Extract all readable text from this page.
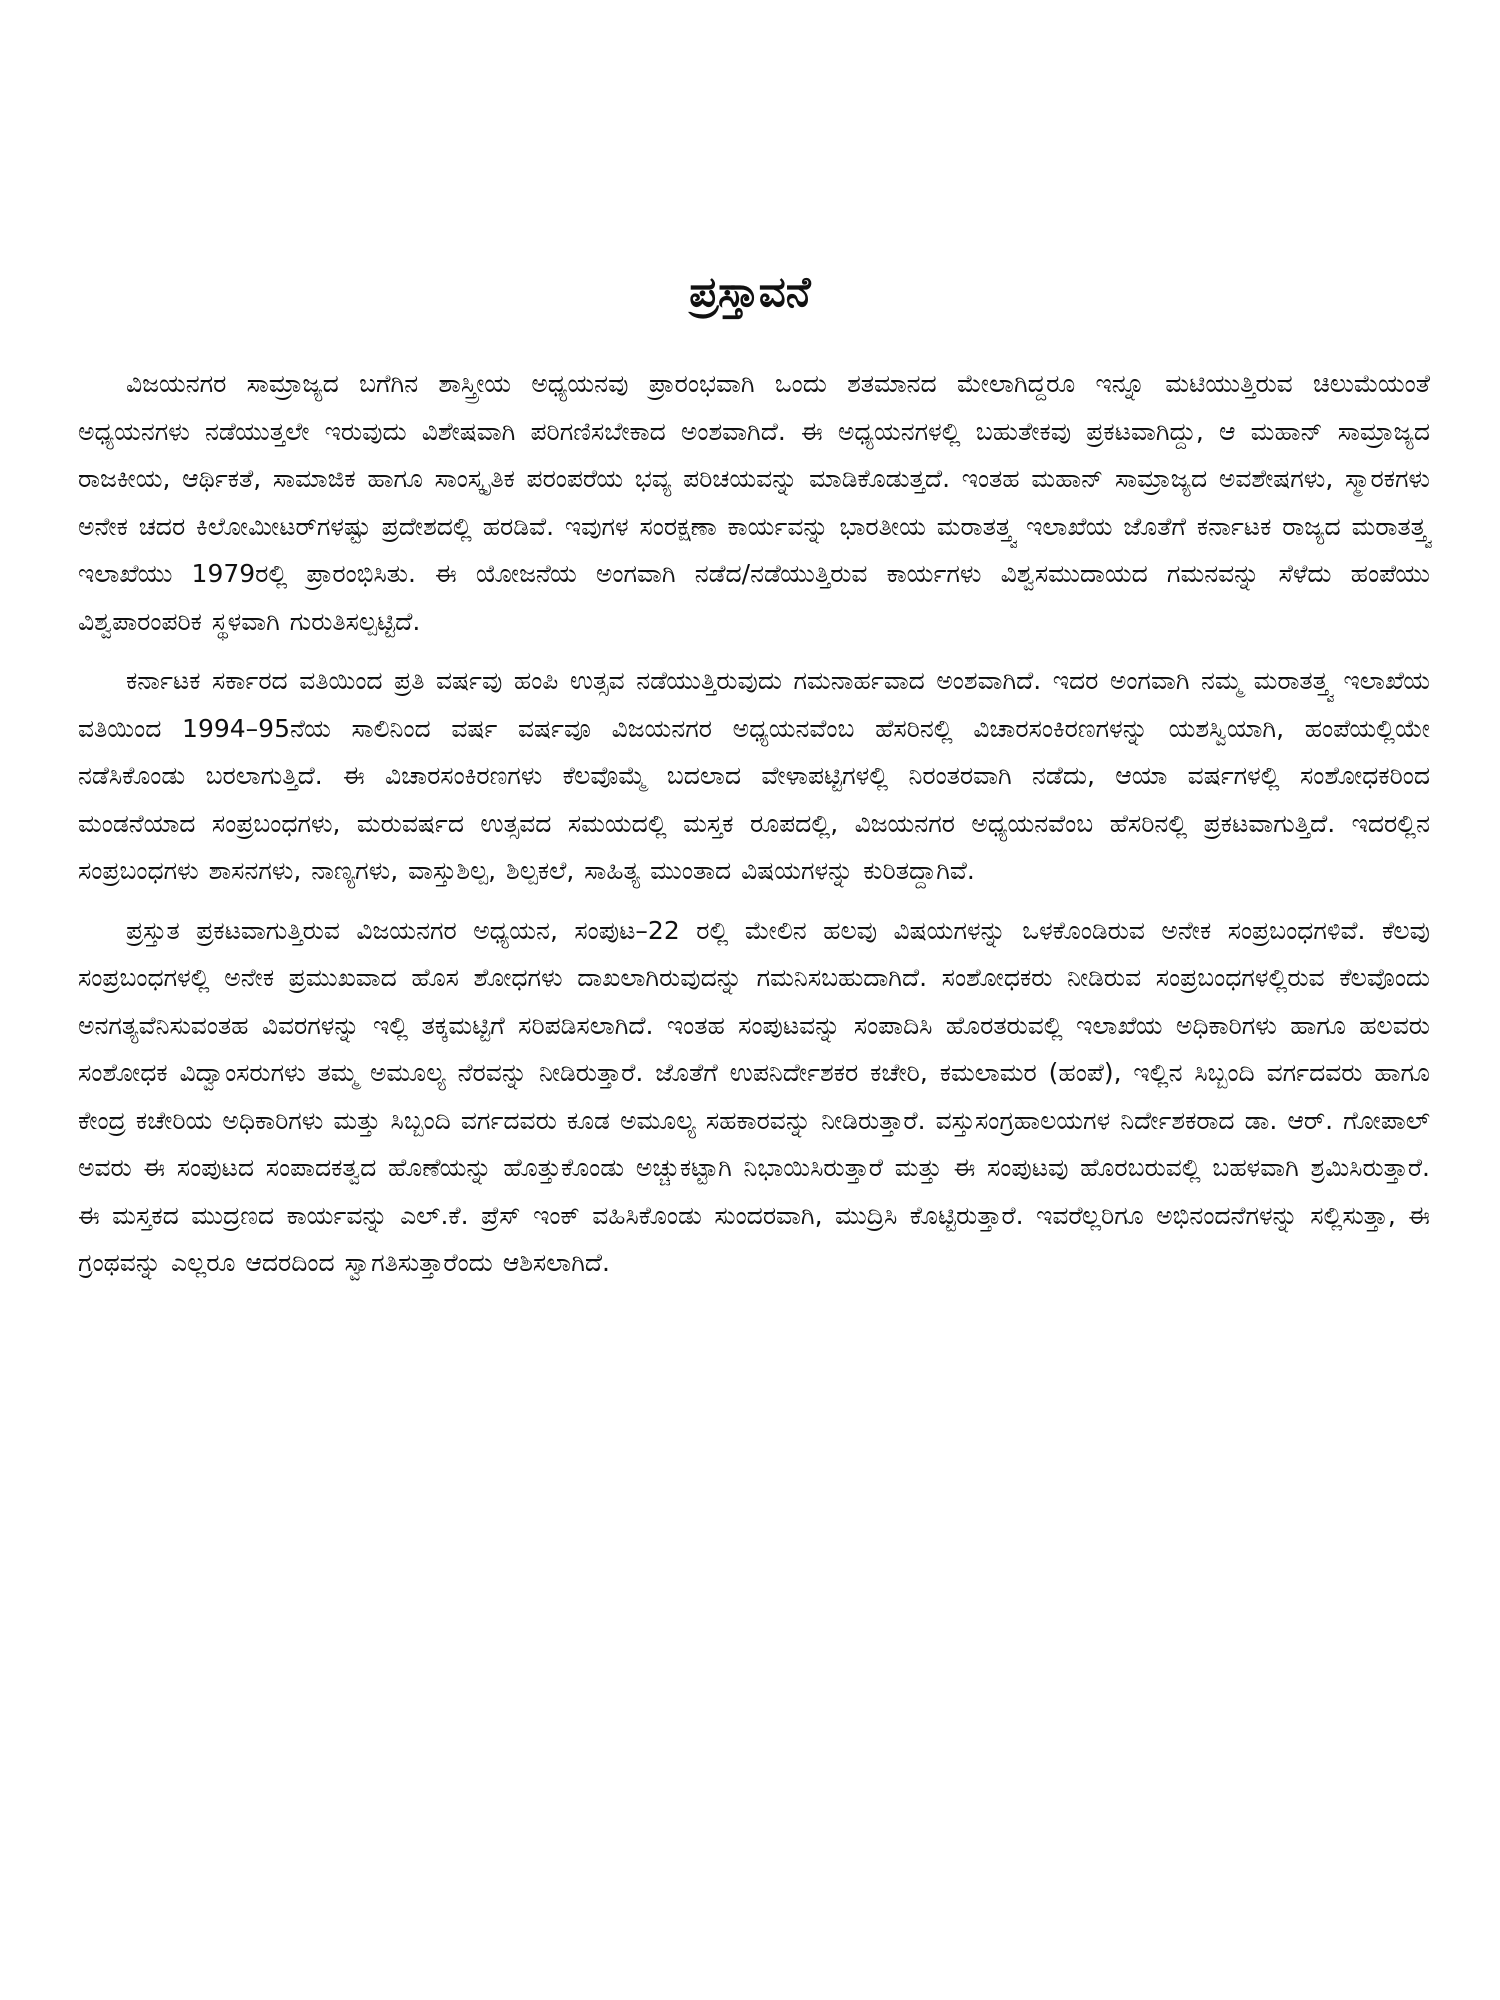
ಪ್ರಸ್ತಾವನೆ

ವಿಜಯನಗರ ಸಾಮ್ರಾಜ್ಯದ ಬಗೆಗಿನ ಶಾಸ್ತ್ರೀಯ ಅಧ್ಯಯನವು ಪ್ರಾರಂಭವಾಗಿ ಒಂದು ಶತಮಾನದ ಮೇಲಾಗಿದ್ದರೂ ಇನ್ನೂ ಮಟಿಯುತ್ತಿರುವ ಚಿಲುಮೆಯಂತೆ ಅಧ್ಯಯನಗಳು ನಡೆಯುತ್ತಲೇ ಇರುವುದು ವಿಶೇಷವಾಗಿ ಪರಿಗಣಿಸಬೇಕಾದ ಅಂಶವಾಗಿದೆ. ಈ ಅಧ್ಯಯನಗಳಲ್ಲಿ ಬಹುತೇಕವು ಪ್ರಕಟವಾಗಿದ್ದು, ಆ ಮಹಾನ್ ಸಾಮ್ರಾಜ್ಯದ ರಾಜಕೀಯ, ಆರ್ಥಿಕತೆ, ಸಾಮಾಜಿಕ ಹಾಗೂ ಸಾಂಸ್ಕೃತಿಕ ಪರಂಪರೆಯ ಭವ್ಯ ಪರಿಚಯವನ್ನು ಮಾಡಿಕೊಡುತ್ತದೆ. ಇಂತಹ ಮಹಾನ್ ಸಾಮ್ರಾಜ್ಯದ ಅವಶೇಷಗಳು, ಸ್ಮಾರಕಗಳು ಅನೇಕ ಚದರ ಕಿಲೋಮೀಟರ್‌ಗಳಷ್ಟು ಪ್ರದೇಶದಲ್ಲಿ ಹರಡಿವೆ. ಇವುಗಳ ಸಂರಕ್ಷಣಾ ಕಾರ್ಯವನ್ನು ಭಾರತೀಯ ಮರಾತತ್ತ್ವ ಇಲಾಖೆಯ ಜೊತೆಗೆ ಕರ್ನಾಟಕ ರಾಜ್ಯದ ಮರಾತತ್ತ್ವ ಇಲಾಖೆಯು 1979ರಲ್ಲಿ ಪ್ರಾರಂಭಿಸಿತು. ಈ ಯೋಜನೆಯ ಅಂಗವಾಗಿ ನಡೆದ/ನಡೆಯುತ್ತಿರುವ ಕಾರ್ಯಗಳು ವಿಶ್ವಸಮುದಾಯದ ಗಮನವನ್ನು ಸೆಳೆದು ಹಂಪೆಯು ವಿಶ್ವಪಾರಂಪರಿಕ ಸ್ಥಳವಾಗಿ ಗುರುತಿಸಲ್ಪಟ್ಟಿದೆ.

ಕರ್ನಾಟಕ ಸರ್ಕಾರದ ವತಿಯಿಂದ ಪ್ರತಿ ವರ್ಷವು ಹಂಪಿ ಉತ್ಸವ ನಡೆಯುತ್ತಿರುವುದು ಗಮನಾರ್ಹವಾದ ಅಂಶವಾಗಿದೆ. ಇದರ ಅಂಗವಾಗಿ ನಮ್ಮ ಮರಾತತ್ತ್ವ ಇಲಾಖೆಯ ವತಿಯಿಂದ 1994–95ನೆಯ ಸಾಲಿನಿಂದ ವರ್ಷ ವರ್ಷವೂ ವಿಜಯನಗರ ಅಧ್ಯಯನವೆಂಬ ಹೆಸರಿನಲ್ಲಿ ವಿಚಾರಸಂಕಿರಣಗಳನ್ನು ಯಶಸ್ವಿಯಾಗಿ, ಹಂಪೆಯಲ್ಲಿಯೇ ನಡೆಸಿಕೊಂಡು ಬರಲಾಗುತ್ತಿದೆ. ಈ ವಿಚಾರಸಂಕಿರಣಗಳು ಕೆಲವೊಮ್ಮೆ ಬದಲಾದ ವೇಳಾಪಟ್ಟಿಗಳಲ್ಲಿ ನಿರಂತರವಾಗಿ ನಡೆದು, ಆಯಾ ವರ್ಷಗಳಲ್ಲಿ ಸಂಶೋಧಕರಿಂದ ಮಂಡನೆಯಾದ ಸಂಪ್ರಬಂಧಗಳು, ಮರುವರ್ಷದ ಉತ್ಸವದ ಸಮಯದಲ್ಲಿ ಮಸ್ತಕ ರೂಪದಲ್ಲಿ, ವಿಜಯನಗರ ಅಧ್ಯಯನವೆಂಬ ಹೆಸರಿನಲ್ಲಿ ಪ್ರಕಟವಾಗುತ್ತಿದೆ. ಇದರಲ್ಲಿನ ಸಂಪ್ರಬಂಧಗಳು ಶಾಸನಗಳು, ನಾಣ್ಯಗಳು, ವಾಸ್ತುಶಿಲ್ಪ, ಶಿಲ್ಪಕಲೆ, ಸಾಹಿತ್ಯ ಮುಂತಾದ ವಿಷಯಗಳನ್ನು ಕುರಿತದ್ದಾಗಿವೆ.

ಪ್ರಸ್ತುತ ಪ್ರಕಟವಾಗುತ್ತಿರುವ ವಿಜಯನಗರ ಅಧ್ಯಯನ, ಸಂಪುಟ–22 ರಲ್ಲಿ ಮೇಲಿನ ಹಲವು ವಿಷಯಗಳನ್ನು ಒಳಕೊಂಡಿರುವ ಅನೇಕ ಸಂಪ್ರಬಂಧಗಳಿವೆ. ಕೆಲವು ಸಂಪ್ರಬಂಧಗಳಲ್ಲಿ ಅನೇಕ ಪ್ರಮುಖವಾದ ಹೊಸ ಶೋಧಗಳು ದಾಖಲಾಗಿರುವುದನ್ನು ಗಮನಿಸಬಹುದಾಗಿದೆ. ಸಂಶೋಧಕರು ನೀಡಿರುವ ಸಂಪ್ರಬಂಧಗಳಲ್ಲಿರುವ ಕೆಲವೊಂದು ಅನಗತ್ಯವೆನಿಸುವಂತಹ ವಿವರಗಳನ್ನು ಇಲ್ಲಿ ತಕ್ಕಮಟ್ಟಿಗೆ ಸರಿಪಡಿಸಲಾಗಿದೆ. ಇಂತಹ ಸಂಪುಟವನ್ನು ಸಂಪಾದಿಸಿ ಹೊರತರುವಲ್ಲಿ ಇಲಾಖೆಯ ಅಧಿಕಾರಿಗಳು ಹಾಗೂ ಹಲವರು ಸಂಶೋಧಕ ವಿದ್ವಾಂಸರುಗಳು ತಮ್ಮ ಅಮೂಲ್ಯ ನೆರವನ್ನು ನೀಡಿರುತ್ತಾರೆ. ಜೊತೆಗೆ ಉಪನಿರ್ದೇಶಕರ ಕಚೇರಿ, ಕಮಲಾಮರ (ಹಂಪೆ), ಇಲ್ಲಿನ ಸಿಬ್ಬಂದಿ ವರ್ಗದವರು ಹಾಗೂ ಕೇಂದ್ರ ಕಚೇರಿಯ ಅಧಿಕಾರಿಗಳು ಮತ್ತು ಸಿಬ್ಬಂದಿ ವರ್ಗದವರು ಕೂಡ ಅಮೂಲ್ಯ ಸಹಕಾರವನ್ನು ನೀಡಿರುತ್ತಾರೆ. ವಸ್ತುಸಂಗ್ರಹಾಲಯಗಳ ನಿರ್ದೇಶಕರಾದ ಡಾ. ಆರ್. ಗೋಪಾಲ್ ಅವರು ಈ ಸಂಪುಟದ ಸಂಪಾದಕತ್ವದ ಹೊಣೆಯನ್ನು ಹೊತ್ತುಕೊಂಡು ಅಚ್ಚುಕಟ್ಟಾಗಿ ನಿಭಾಯಿಸಿರುತ್ತಾರೆ ಮತ್ತು ಈ ಸಂಪುಟವು ಹೊರಬರುವಲ್ಲಿ ಬಹಳವಾಗಿ ಶ್ರಮಿಸಿರುತ್ತಾರೆ. ಈ ಮಸ್ತಕದ ಮುದ್ರಣದ ಕಾರ್ಯವನ್ನು ಎಲ್.ಕೆ. ಪ್ರೆಸ್ ಇಂಕ್ ವಹಿಸಿಕೊಂಡು ಸುಂದರವಾಗಿ, ಮುದ್ರಿಸಿ ಕೊಟ್ಟಿರುತ್ತಾರೆ. ಇವರೆಲ್ಲರಿಗೂ ಅಭಿನಂದನೆಗಳನ್ನು ಸಲ್ಲಿಸುತ್ತಾ, ಈ ಗ್ರಂಥವನ್ನು ಎಲ್ಲರೂ ಆದರದಿಂದ ಸ್ವಾಗತಿಸುತ್ತಾರೆಂದು ಆಶಿಸಲಾಗಿದೆ.
